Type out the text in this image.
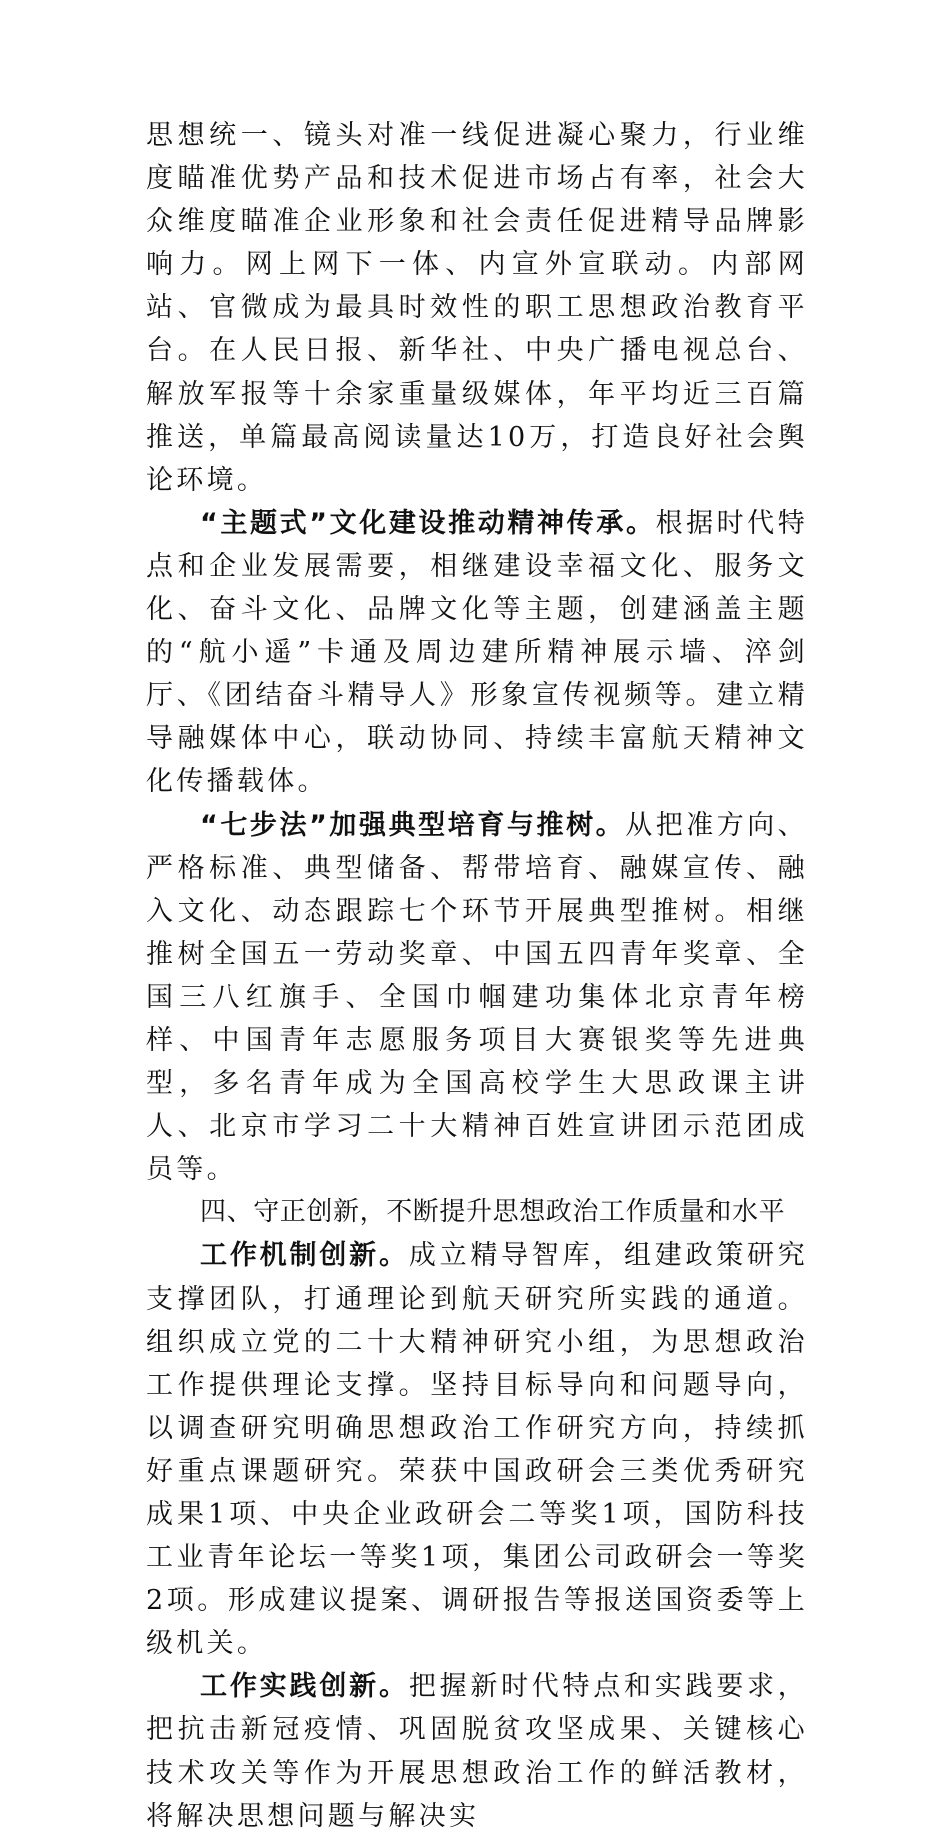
思想统一、镜头对准一线促进凝心聚力，行业维度瞄准优势产品和技术促进市场占有率，社会大众维度瞄准企业形象和社会责任促进精导品牌影响力。网上网下一体、内宣外宣联动。内部网站、官微成为最具时效性的职工思想政治教育平台。在人民日报、新华社、中央广播电视总台、解放军报等十余家重量级媒体，年平均近三百篇推送，单篇最高阅读量达10万，打造良好社会舆论环境。

“主题式”文化建设推动精神传承。根据时代特点和企业发展需要，相继建设幸福文化、服务文化、奋斗文化、品牌文化等主题，创建涵盖主题的“航小遥”卡通及周边建所精神展示墙、淬剑厅、《团结奋斗精导人》形象宣传视频等。建立精导融媒体中心，联动协同、持续丰富航天精神文化传播载体。

“七步法”加强典型培育与推树。从把准方向、严格标准、典型储备、帮带培育、融媒宣传、融入文化、动态跟踪七个环节开展典型推树。相继推树全国五一劳动奖章、中国五四青年奖章、全国三八红旗手、全国巾帼建功集体北京青年榜样、中国青年志愿服务项目大赛银奖等先进典型，多名青年成为全国高校学生大思政课主讲人、北京市学习二十大精神百姓宣讲团示范团成员等。

四、守正创新，不断提升思想政治工作质量和水平

工作机制创新。成立精导智库，组建政策研究支撑团队，打通理论到航天研究所实践的通道。组织成立党的二十大精神研究小组，为思想政治工作提供理论支撑。坚持目标导向和问题导向，以调查研究明确思想政治工作研究方向，持续抓好重点课题研究。荣获中国政研会三类优秀研究成果1项、中央企业政研会二等奖1项，国防科技工业青年论坛一等奖1项，集团公司政研会一等奖2项。形成建议提案、调研报告等报送国资委等上级机关。

工作实践创新。把握新时代特点和实践要求，把抗击新冠疫情、巩固脱贫攻坚成果、关键核心技术攻关等作为开展思想政治工作的鲜活教材，将解决思想问题与解决实
